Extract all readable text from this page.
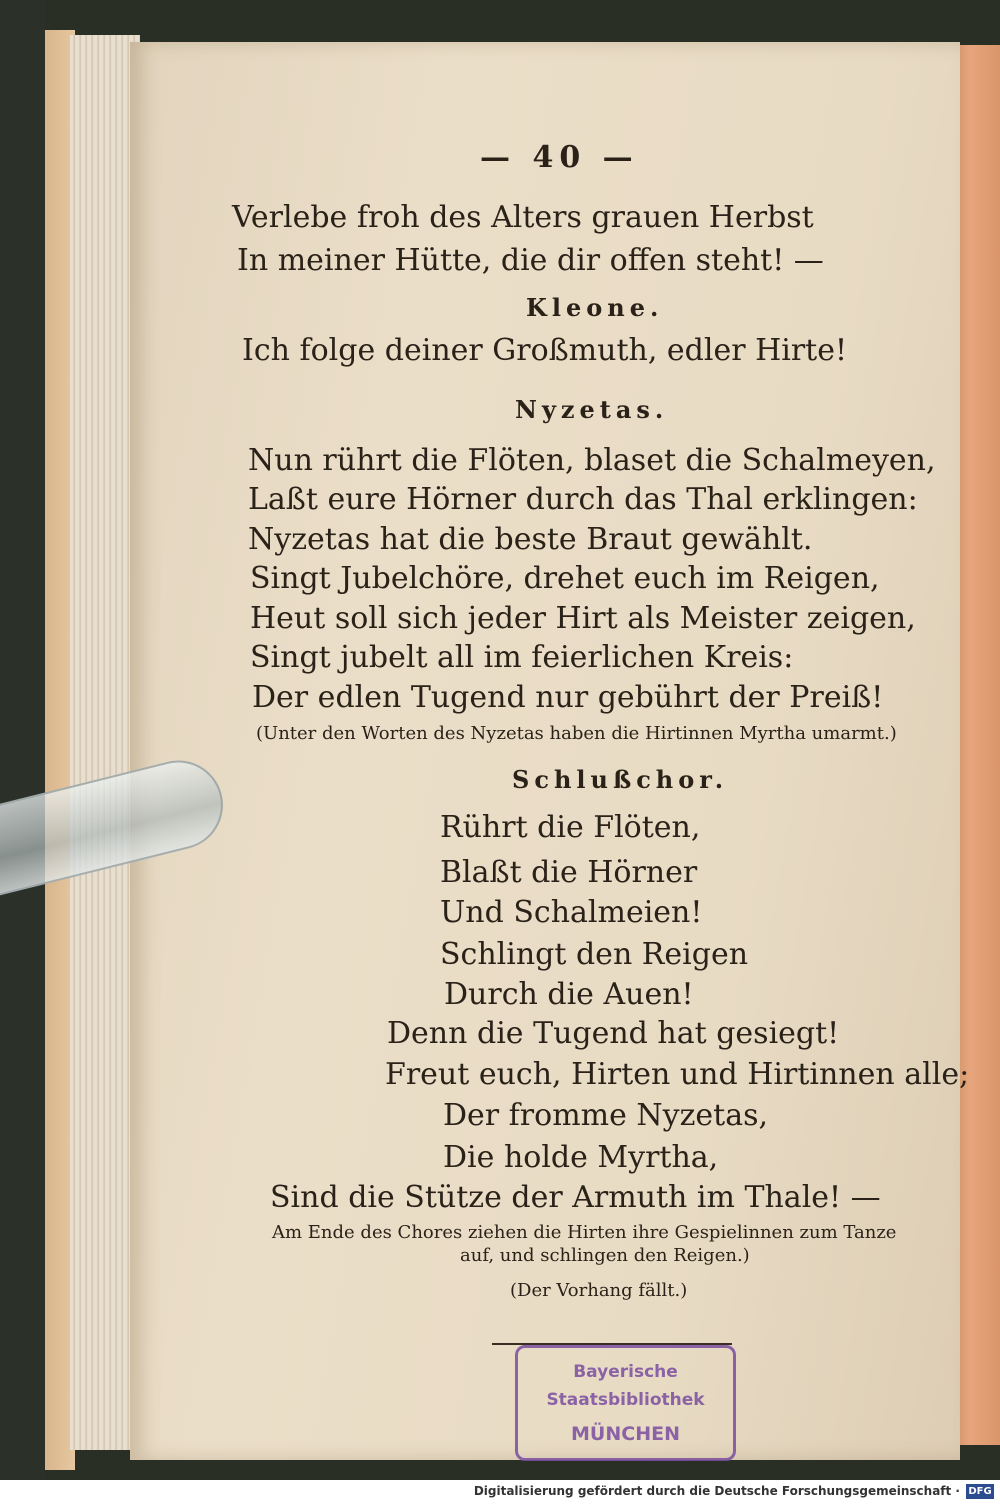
— 40 —
Verlebe froh des Alters grauen Herbst
In meiner Hütte, die dir offen steht! —
Kleone.
Ich folge deiner Großmuth, edler Hirte!
Nyzetas.
Nun rührt die Flöten, blaset die Schalmeyen,
Laßt eure Hörner durch das Thal erklingen:
Nyzetas hat die beste Braut gewählt.
Singt Jubelchöre, drehet euch im Reigen,
Heut soll sich jeder Hirt als Meister zeigen,
Singt jubelt all im feierlichen Kreis:
Der edlen Tugend nur gebührt der Preiß!
(Unter den Worten des Nyzetas haben die Hirtinnen Myrtha umarmt.)
Schlußchor.
Rührt die Flöten,
Blaßt die Hörner
Und Schalmeien!
Schlingt den Reigen
Durch die Auen!
Denn die Tugend hat gesiegt!
Freut euch, Hirten und Hirtinnen alle;
Der fromme Nyzetas,
Die holde Myrtha,
Sind die Stütze der Armuth im Thale! —
Am Ende des Chores ziehen die Hirten ihre Gespielinnen zum Tanze
auf, und schlingen den Reigen.)
(Der Vorhang fällt.)
Bayerische
Staatsbibliothek
MÜNCHEN
Digitalisierung gefördert durch die Deutsche Forschungsgemeinschaft · DFG
